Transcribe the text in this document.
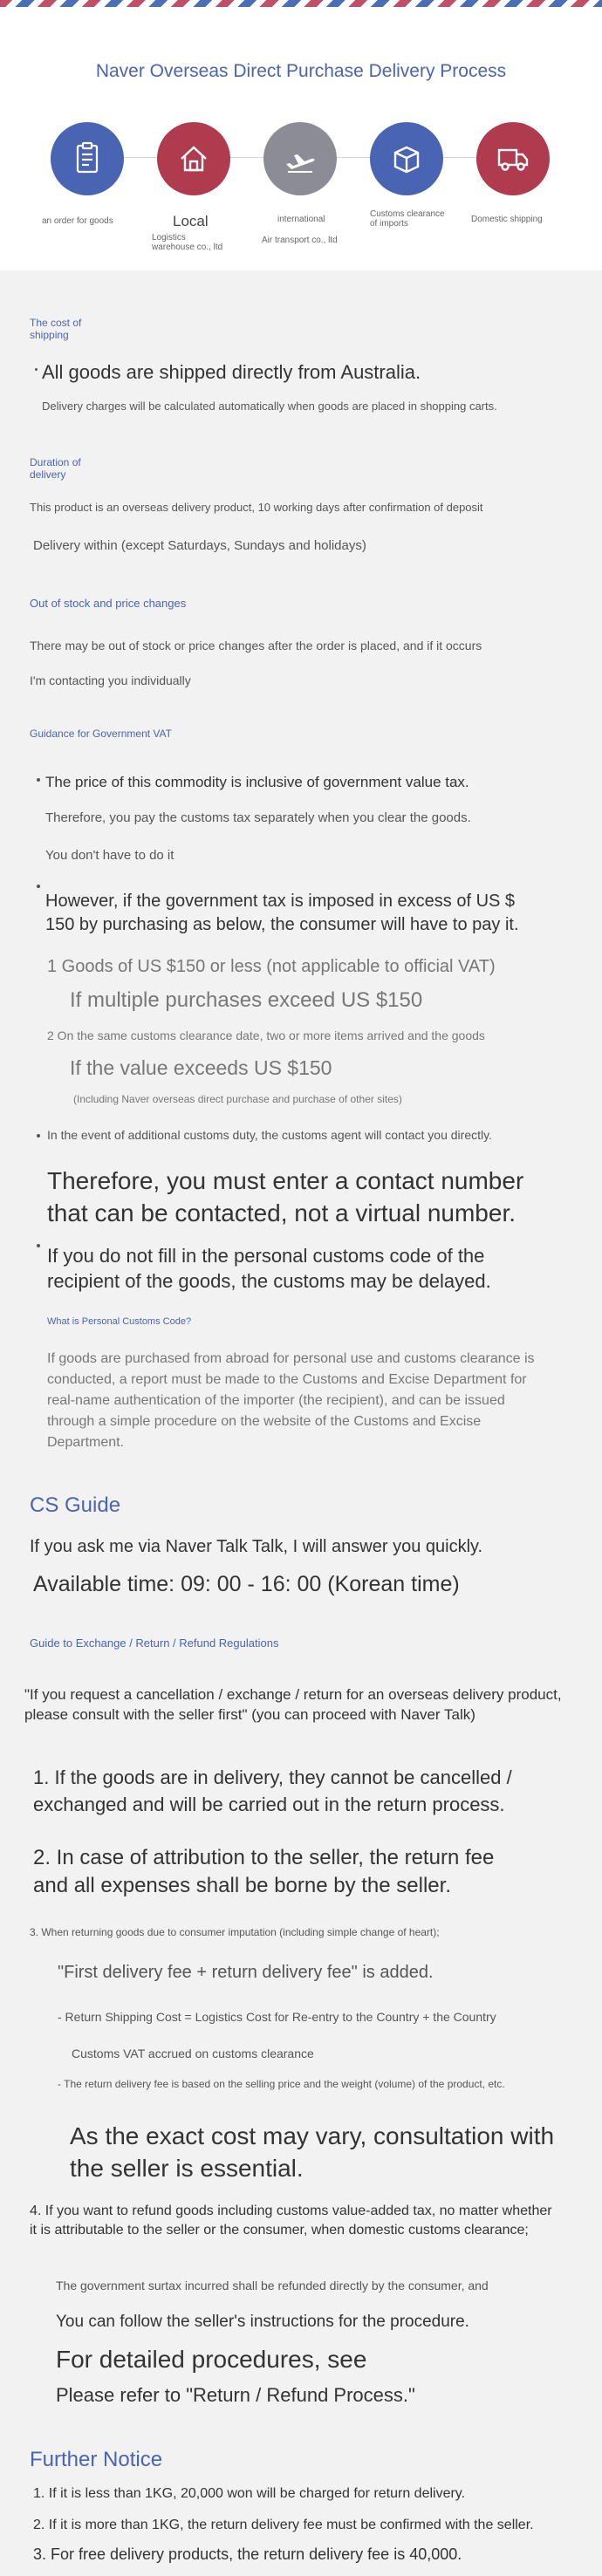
Naver Overseas Direct Purchase Delivery Process
an order for goods	Local
Logistics warehouse co., ltd
international
Air transport co., ltd
Customs clearance of imports	Domestic shipping
The cost of shipping
All goods are shipped directly from Australia.
Delivery charges will be calculated automatically when goods are placed in shopping carts.
Duration of delivery
This product is an overseas delivery product, 10 working days after confirmation of deposit
Delivery within (except Saturdays, Sundays and holidays)
Out of stock and price changes
There may be out of stock or price changes after the order is placed, and if it occurs
I'm contacting you individually
Guidance for Government VAT
The price of this commodity is inclusive of government value tax.
Therefore, you pay the customs tax separately when you clear the goods.
You don't have to do it
However, if the government tax is imposed in excess of US $ 150 by purchasing as below, the consumer will have to pay it.
1 Goods of US $150 or less (not applicable to official VAT)
If multiple purchases exceed US $150
2 On the same customs clearance date, two or more items arrived and the goods
If the value exceeds US $150
(Including Naver overseas direct purchase and purchase of other sites)
In the event of additional customs duty, the customs agent will contact you directly.
Therefore, you must enter a contact number that can be contacted, not a virtual number.
If you do not fill in the personal customs code of the recipient of the goods, the customs may be delayed.
What is Personal Customs Code?
If goods are purchased from abroad for personal use and customs clearance is conducted, a report must be made to the Customs and Excise Department for real-name authentication of the importer (the recipient), and can be issued through a simple procedure on the website of the Customs and Excise Department.
CS Guide
If you ask me via Naver Talk Talk, I will answer you quickly.
Available time: 09: 00 - 16: 00 (Korean time)
Guide to Exchange / Return / Refund Regulations
"If you request a cancellation / exchange / return for an overseas delivery product, please consult with the seller first" (you can proceed with Naver Talk)
1. If the goods are in delivery, they cannot be cancelled / exchanged and will be carried out in the return process.
2. In case of attribution to the seller, the return fee and all expenses shall be borne by the seller.
3. When returning goods due to consumer imputation (including simple change of heart);
"First delivery fee + return delivery fee" is added.
- Return Shipping Cost = Logistics Cost for Re-entry to the Country + the Country
Customs VAT accrued on customs clearance
- The return delivery fee is based on the selling price and the weight (volume) of the product, etc.
As the exact cost may vary, consultation with the seller is essential.
4. If you want to refund goods including customs value-added tax, no matter whether it is attributable to the seller or the consumer, when domestic customs clearance;
The government surtax incurred shall be refunded directly by the consumer, and
You can follow the seller's instructions for the procedure.
For detailed procedures, see
Please refer to "Return / Refund Process."
Further Notice
1. If it is less than 1KG, 20,000 won will be charged for return delivery.
2. If it is more than 1KG, the return delivery fee must be confirmed with the seller.
3. For free delivery products, the return delivery fee is 40,000.
